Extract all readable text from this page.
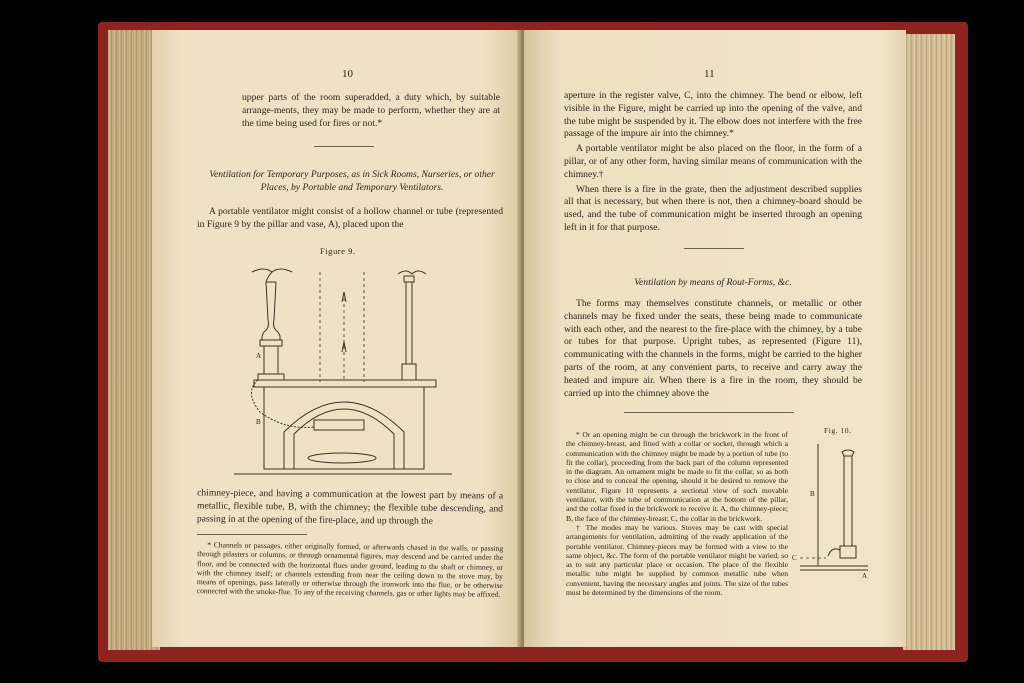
10

upper parts of the room superadded, a duty which, by suitable arrange-ments, they may be made to perform, whether they are at the time being used for fires or not.*

Ventilation for Temporary Purposes, as in Sick Rooms, Nurseries, or other Places, by Portable and Temporary Ventilators.

A portable ventilator might consist of a hollow channel or tube (represented in Figure 9 by the pillar and vase, A), placed upon the

Figure 9.
A
B

chimney-piece, and having a communication at the lowest part by means of a metallic, flexible tube, B, with the chimney; the flexible tube descending, and passing in at the opening of the fire-place, and up through the

* Channels or passages, either originally formed, or afterwards chased in the walls, or passing through pilasters or columns, or through ornamental figures, may descend and be carried under the floor, and be connected with the horizontal flues under ground, leading to the shaft or chimney, or with the chimney itself; or channels extending from near the ceiling down to the stove may, by means of openings, pass laterally or otherwise through the ironwork into the flue, or be otherwise connected with the smoke-flue. To any of the receiving channels, gas or other lights may be affixed.

11

aperture in the register valve, C, into the chimney. The bend or elbow, left visible in the Figure, might be carried up into the opening of the valve, and the tube might be suspended by it. The elbow does not interfere with the free passage of the impure air into the chimney.*

A portable ventilator might be also placed on the floor, in the form of a pillar, or of any other form, having similar means of communication with the chimney.†

When there is a fire in the grate, then the adjustment described supplies all that is necessary, but when there is not, then a chimney-board should be used, and the tube of communication might be inserted through an opening left in it for that purpose.

Ventilation by means of Rout-Forms, &c.

The forms may themselves constitute channels, or metallic or other channels may be fixed under the seats, these being made to communicate with each other, and the nearest to the fire-place with the chimney, by a tube or tubes for that purpose. Upright tubes, as represented (Figure 11), communicating with the channels in the forms, might be carried to the higher parts of the room, at any convenient parts, to receive and carry away the heated and impure air. When there is a fire in the room, they should be carried up into the chimney above the

* Or an opening might be cut through the brickwork in the front of the chimney-breast, and fitted with a collar or socket, through which a communication with the chimney might be made by a portion of tube (to fit the collar), proceeding from the back part of the column represented in the diagram. An ornament might be made to fit the collar, so as both to close and to conceal the opening, should it be desired to remove the ventilator. Figure 10 represents a sectional view of such movable ventilator, with the tube of communication at the bottom of the pillar, and the collar fixed in the brickwork to receive it. A, the chimney-piece; B, the face of the chimney-breast; C, the collar in the brickwork.

† The modes may be various. Stoves may be cast with special arrangements for ventilation, admitting of the ready application of the portable ventilator. Chimney-pieces may be formed with a view to the same object, &c. The form of the portable ventilator might be varied, so as to suit any particular place or occasion. The place of the flexible metallic tube might be supplied by common metallic tube when convenient, having the necessary angles and joints. The size of the tubes must be determined by the dimensions of the room.

Fig. 10.
B
C
A
